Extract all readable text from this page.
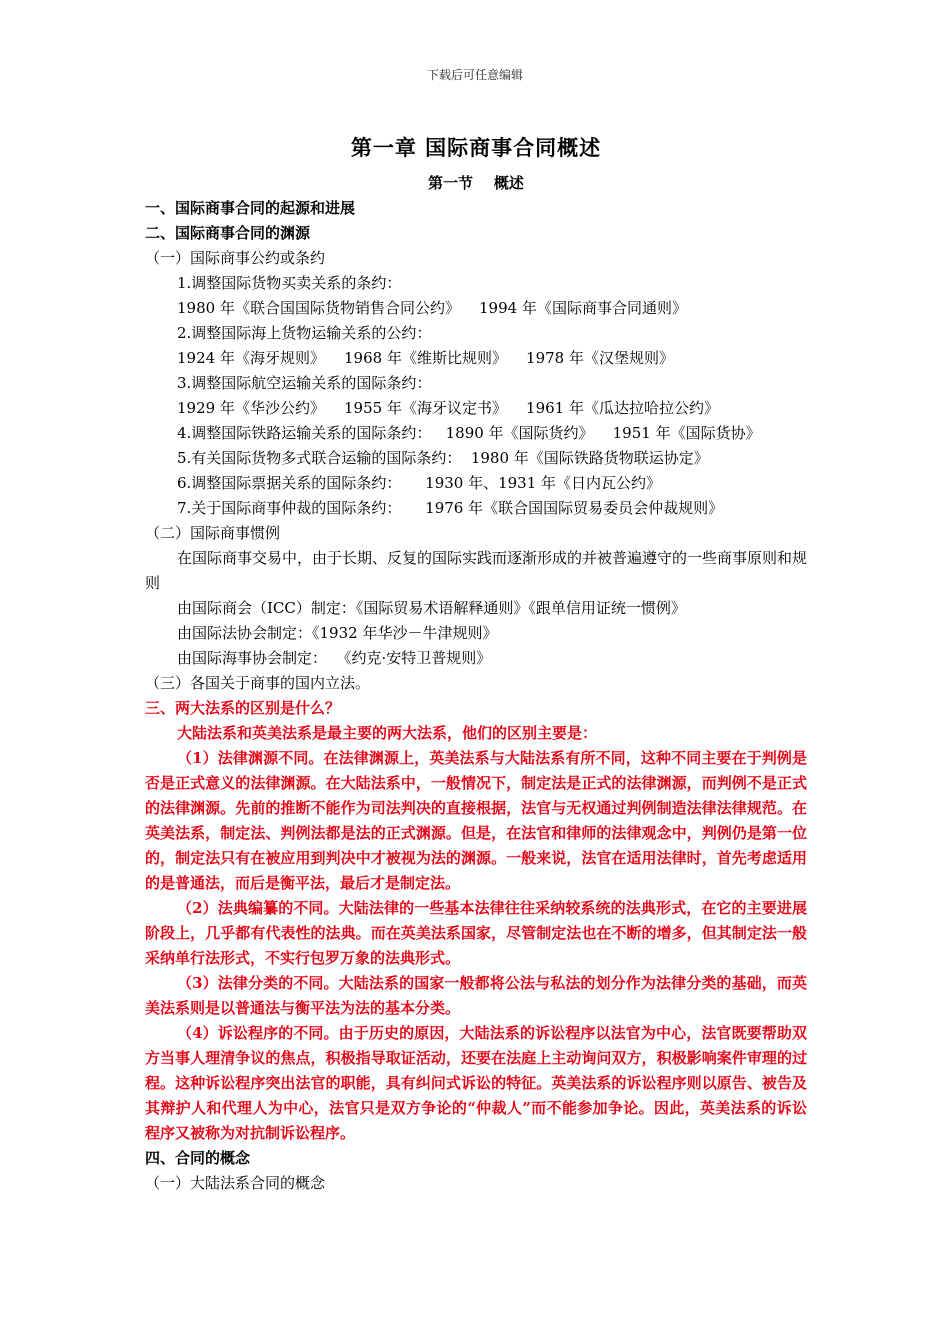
下载后可任意编辑
第一章 国际商事合同概述
第一节    概述
一、国际商事合同的起源和进展
二、国际商事合同的渊源
（一）国际商事公约或条约
1.调整国际货物买卖关系的条约：
1980 年《联合国国际货物销售合同公约》    1994 年《国际商事合同通则》
2.调整国际海上货物运输关系的公约：
1924 年《海牙规则》    1968 年《维斯比规则》    1978 年《汉堡规则》
3.调整国际航空运输关系的国际条约：
1929 年《华沙公约》    1955 年《海牙议定书》    1961 年《瓜达拉哈拉公约》
4.调整国际铁路运输关系的国际条约：   1890 年《国际货约》    1951 年《国际货协》
5.有关国际货物多式联合运输的国际条约：  1980 年《国际铁路货物联运协定》
6.调整国际票据关系的国际条约：     1930 年、1931 年《日内瓦公约》
7.关于国际商事仲裁的国际条约：     1976 年《联合国国际贸易委员会仲裁规则》
（二）国际商事惯例
在国际商事交易中，由于长期、反复的国际实践而逐渐形成的并被普遍遵守的一些商事原则和规则
由国际商会（ICC）制定：《国际贸易术语解释通则》《跟单信用证统一惯例》
由国际法协会制定：《1932 年华沙－牛津规则》
由国际海事协会制定：  《约克·安特卫普规则》
（三）各国关于商事的国内立法。
三、两大法系的区别是什么？
大陆法系和英美法系是最主要的两大法系，他们的区别主要是：
（1）法律渊源不同。在法律渊源上，英美法系与大陆法系有所不同，这种不同主要在于判例是否是正式意义的法律渊源。在大陆法系中，一般情况下，制定法是正式的法律渊源，而判例不是正式的法律渊源。先前的推断不能作为司法判决的直接根据，法官与无权通过判例制造法律法律规范。在英美法系，制定法、判例法都是法的正式渊源。但是，在法官和律师的法律观念中，判例仍是第一位的，制定法只有在被应用到判决中才被视为法的渊源。一般来说，法官在适用法律时，首先考虑适用的是普通法，而后是衡平法，最后才是制定法。
（2）法典编纂的不同。大陆法律的一些基本法律往往采纳较系统的法典形式，在它的主要进展阶段上，几乎都有代表性的法典。而在英美法系国家，尽管制定法也在不断的增多，但其制定法一般采纳单行法形式，不实行包罗万象的法典形式。
（3）法律分类的不同。大陆法系的国家一般都将公法与私法的划分作为法律分类的基础，而英美法系则是以普通法与衡平法为法的基本分类。
（4）诉讼程序的不同。由于历史的原因，大陆法系的诉讼程序以法官为中心，法官既要帮助双方当事人理清争议的焦点，积极指导取证活动，还要在法庭上主动询问双方，积极影响案件审理的过程。这种诉讼程序突出法官的职能，具有纠问式诉讼的特征。英美法系的诉讼程序则以原告、被告及其辩护人和代理人为中心，法官只是双方争论的“仲裁人”而不能参加争论。因此，英美法系的诉讼程序又被称为对抗制诉讼程序。
四、合同的概念
（一）大陆法系合同的概念
